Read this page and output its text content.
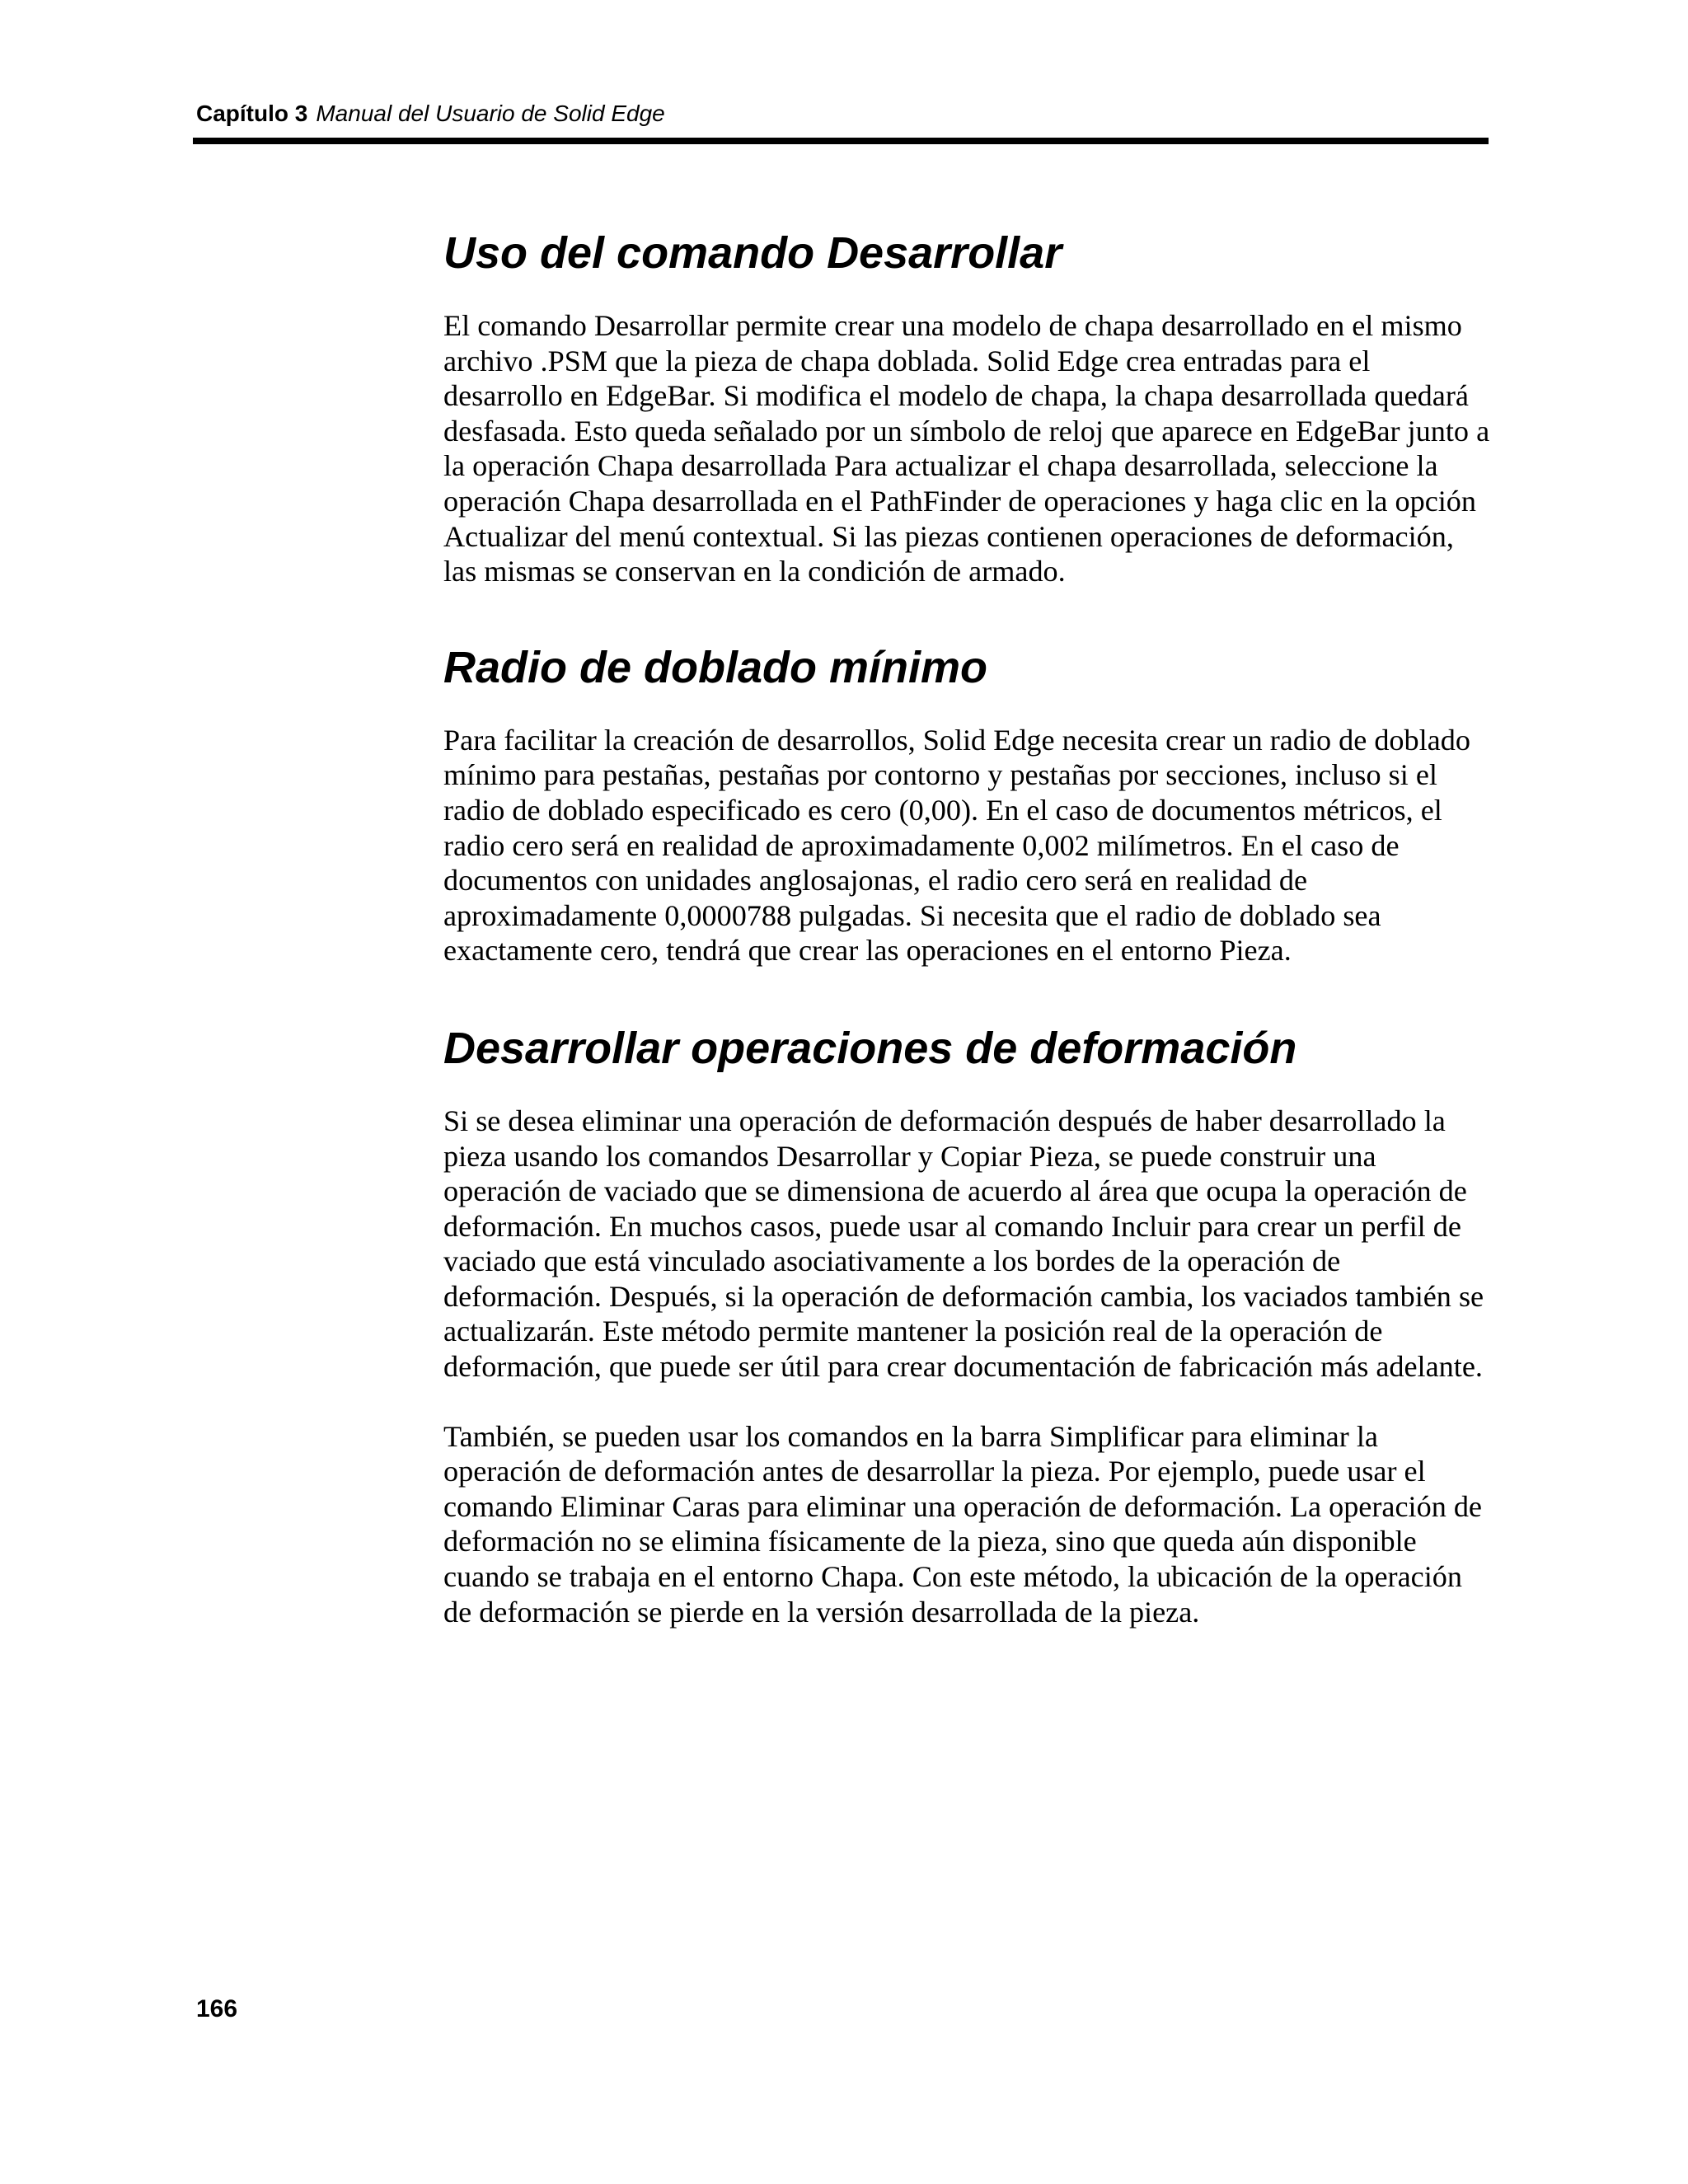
Capítulo 3 Manual del Usuario de Solid Edge
Uso del comando Desarrollar

El comando Desarrollar permite crear una modelo de chapa desarrollado en el mismo archivo .PSM que la pieza de chapa doblada. Solid Edge crea entradas para el desarrollo en EdgeBar. Si modifica el modelo de chapa, la chapa desarrollada quedará desfasada. Esto queda señalado por un símbolo de reloj que aparece en EdgeBar junto a la operación Chapa desarrollada Para actualizar el chapa desarrollada, seleccione la operación Chapa desarrollada en el PathFinder de operaciones y haga clic en la opción Actualizar del menú contextual. Si las piezas contienen operaciones de deformación, las mismas se conservan en la condición de armado.

Radio de doblado mínimo

Para facilitar la creación de desarrollos, Solid Edge necesita crear un radio de doblado mínimo para pestañas, pestañas por contorno y pestañas por secciones, incluso si el radio de doblado especificado es cero (0,00). En el caso de documentos métricos, el radio cero será en realidad de aproximadamente 0,002 milímetros. En el caso de documentos con unidades anglosajonas, el radio cero será en realidad de aproximadamente 0,0000788 pulgadas. Si necesita que el radio de doblado sea exactamente cero, tendrá que crear las operaciones en el entorno Pieza.

Desarrollar operaciones de deformación

Si se desea eliminar una operación de deformación después de haber desarrollado la pieza usando los comandos Desarrollar y Copiar Pieza, se puede construir una operación de vaciado que se dimensiona de acuerdo al área que ocupa la operación de deformación. En muchos casos, puede usar al comando Incluir para crear un perfil de vaciado que está vinculado asociativamente a los bordes de la operación de deformación. Después, si la operación de deformación cambia, los vaciados también se actualizarán. Este método permite mantener la posición real de la operación de deformación, que puede ser útil para crear documentación de fabricación más adelante.

También, se pueden usar los comandos en la barra Simplificar para eliminar la operación de deformación antes de desarrollar la pieza. Por ejemplo, puede usar el comando Eliminar Caras para eliminar una operación de deformación. La operación de deformación no se elimina físicamente de la pieza, sino que queda aún disponible cuando se trabaja en el entorno Chapa. Con este método, la ubicación de la operación de deformación se pierde en la versión desarrollada de la pieza.

166
